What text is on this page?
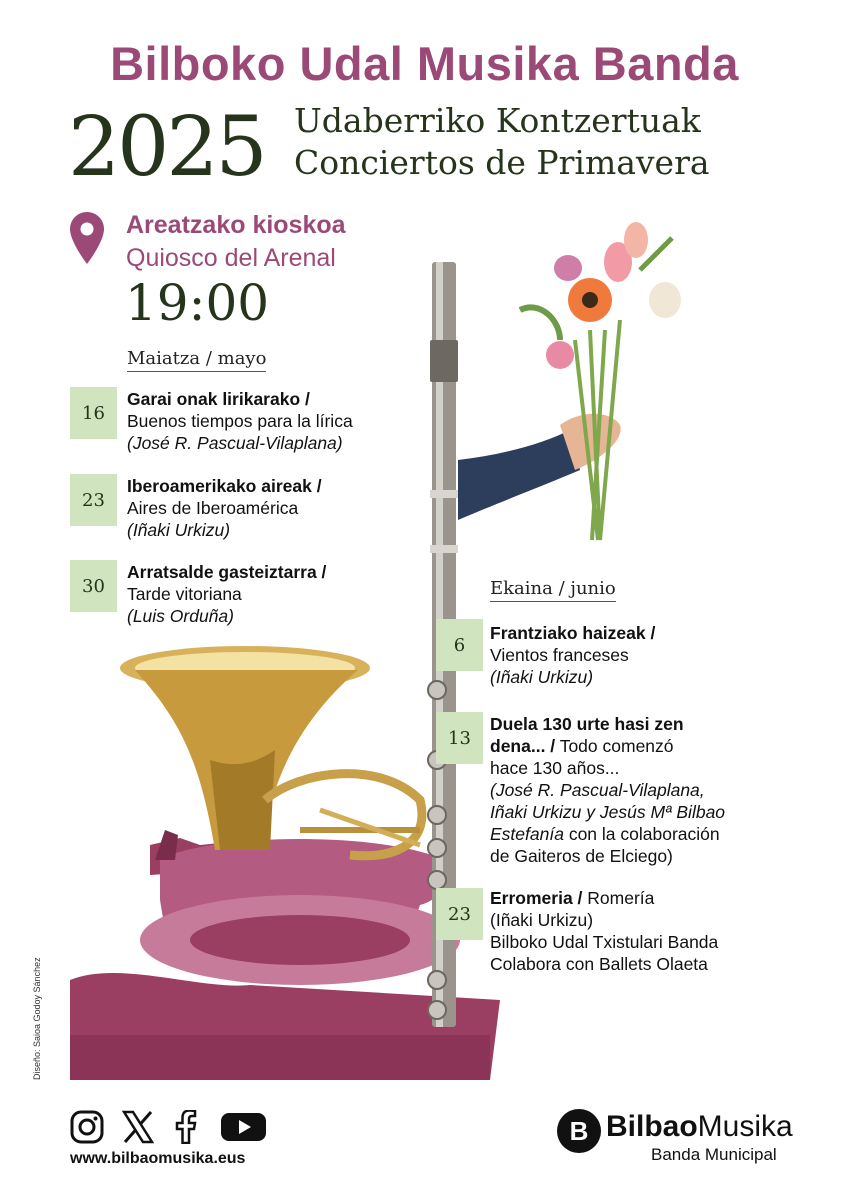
Bilboko Udal Musika Banda
2025 Udaberriko Kontzertuak
Conciertos de Primavera
Areatzako kioskoa
Quiosco del Arenal
19:00
Maiatza / mayo
16
Garai onak lirikarako /
Buenos tiempos para la lírica
(José R. Pascual-Vilaplana)
23
Iberoamerikako aireak /
Aires de Iberoamérica
(Iñaki Urkizu)
30
Arratsalde gasteiztarra /
Tarde vitoriana
(Luis Orduña)
Ekaina / junio
6
Frantziako haizeak /
Vientos franceses
(Iñaki Urkizu)
13
Duela 130 urte hasi zen
dena... / Todo comenzó
hace 130 años...
(José R. Pascual-Vilaplana,
Iñaki Urkizu y Jesús Mª Bilbao
Estefanía con la colaboración
de Gaiteros de Elciego)
23
Erromeria / Romería
(Iñaki Urkizu)
Bilboko Udal Txistulari Banda
Colabora con Ballets Olaeta
Diseño: Saioa Godoy Sánchez
www.bilbaomusika.eus
B BilbaoMusika
Banda Municipal
